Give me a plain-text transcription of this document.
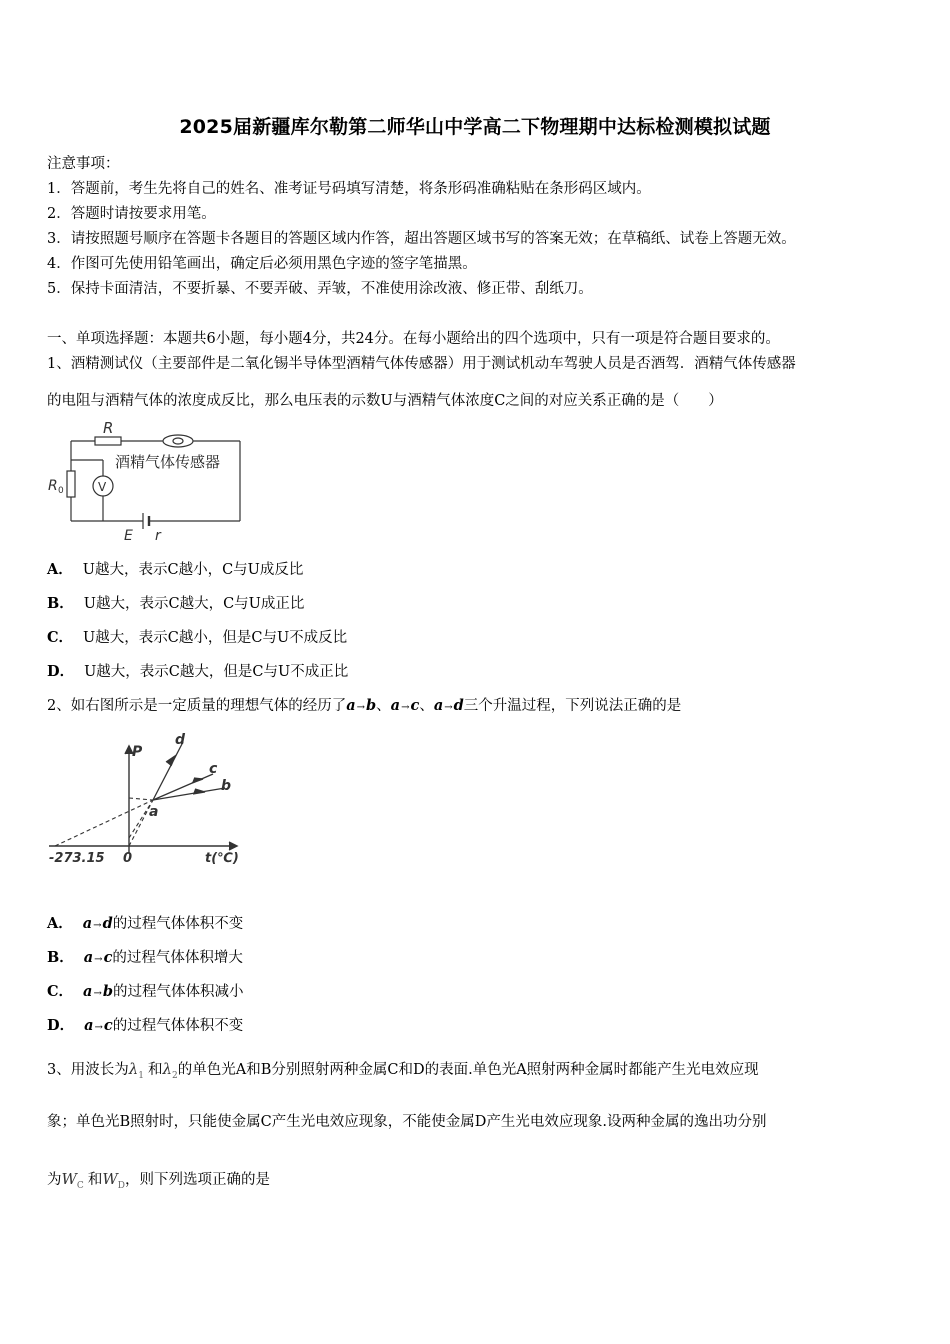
2025届新疆库尔勒第二师华山中学高二下物理期中达标检测模拟试题
注意事项：
1．答题前，考生先将自己的姓名、准考证号码填写清楚，将条形码准确粘贴在条形码区域内。
2．答题时请按要求用笔。
3．请按照题号顺序在答题卡各题目的答题区域内作答，超出答题区域书写的答案无效；在草稿纸、试卷上答题无效。
4．作图可先使用铅笔画出，确定后必须用黑色字迹的签字笔描黑。
5．保持卡面清洁，不要折暴、不要弄破、弄皱，不准使用涂改液、修正带、刮纸刀。
一、单项选择题：本题共6小题，每小题4分，共24分。在每小题给出的四个选项中，只有一项是符合题目要求的。
1、酒精测试仪（主要部件是二氧化锡半导体型酒精气体传感器）用于测试机动车驾驶人员是否酒驾．酒精气体传感器
的电阻与酒精气体的浓度成反比，那么电压表的示数U与酒精气体浓度C之间的对应关系正确的是（　　）
R
酒精气体传感器
R 0	V
E r
A． U越大，表示C越小，C与U成反比
B． U越大，表示C越大，C与U成正比
C． U越大，表示C越小，但是C与U不成反比
D． U越大，表示C越大，但是C与U不成正比
2、如右图所示是一定质量的理想气体的经历了a→b、a→c、a→d三个升温过程，下列说法正确的是
P
d
c
b
a
-273.15 0	t(℃)
A． a→d的过程气体体积不变
B． a→c的过程气体体积增大
C． a→b的过程气体体积减小
D． a→c的过程气体体积不变
3、用波长为$\lambda_1$ 和$\lambda_2$的单色光A和B分别照射两种金属C和D的表面.单色光A照射两种金属时都能产生光电效应现
象；单色光B照射时，只能使金属C产生光电效应现象，不能使金属D产生光电效应现象.设两种金属的逸出功分别
为$W_C$ 和$W_D$，则下列选项正确的是
